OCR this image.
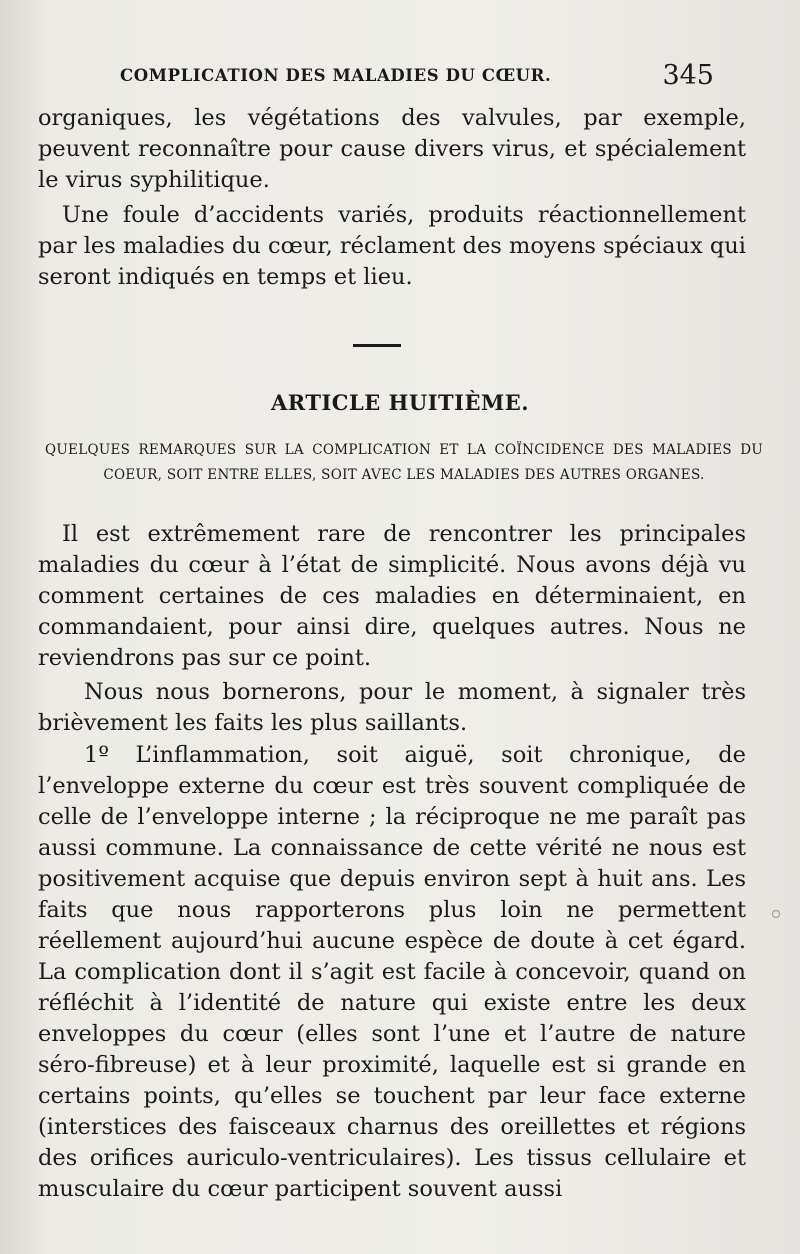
COMPLICATION DES MALADIES DU CŒUR.	345

organiques, les végétations des valvules, par exemple, peuvent reconnaître pour cause divers virus, et spécialement le virus syphilitique.

Une foule d’accidents variés, produits réactionnellement par les maladies du cœur, réclament des moyens spéciaux qui seront indiqués en temps et lieu.

ARTICLE HUITIÈME.
QUELQUES REMARQUES SUR LA COMPLICATION ET LA COÏNCIDENCE DES MALADIES DU COEUR, SOIT ENTRE ELLES, SOIT AVEC LES MALADIES DES AUTRES ORGANES.

Il est extrêmement rare de rencontrer les principales maladies du cœur à l’état de simplicité. Nous avons déjà vu comment certaines de ces maladies en déterminaient, en commandaient, pour ainsi dire, quelques autres. Nous ne reviendrons pas sur ce point.

Nous nous bornerons, pour le moment, à signaler très brièvement les faits les plus saillants.

1º L’inflammation, soit aiguë, soit chronique, de l’enveloppe externe du cœur est très souvent compliquée de celle de l’enveloppe interne ; la réciproque ne me paraît pas aussi commune. La connaissance de cette vérité ne nous est positivement acquise que depuis environ sept à huit ans. Les faits que nous rapporterons plus loin ne permettent réellement aujourd’hui aucune espèce de doute à cet égard. La complication dont il s’agit est facile à concevoir, quand on réfléchit à l’identité de nature qui existe entre les deux enveloppes du cœur (elles sont l’une et l’autre de nature séro-fibreuse) et à leur proximité, laquelle est si grande en certains points, qu’elles se touchent par leur face externe (interstices des faisceaux charnus des oreillettes et régions des orifices auriculo-ventriculaires). Les tissus cellulaire et musculaire du cœur participent souvent aussi
